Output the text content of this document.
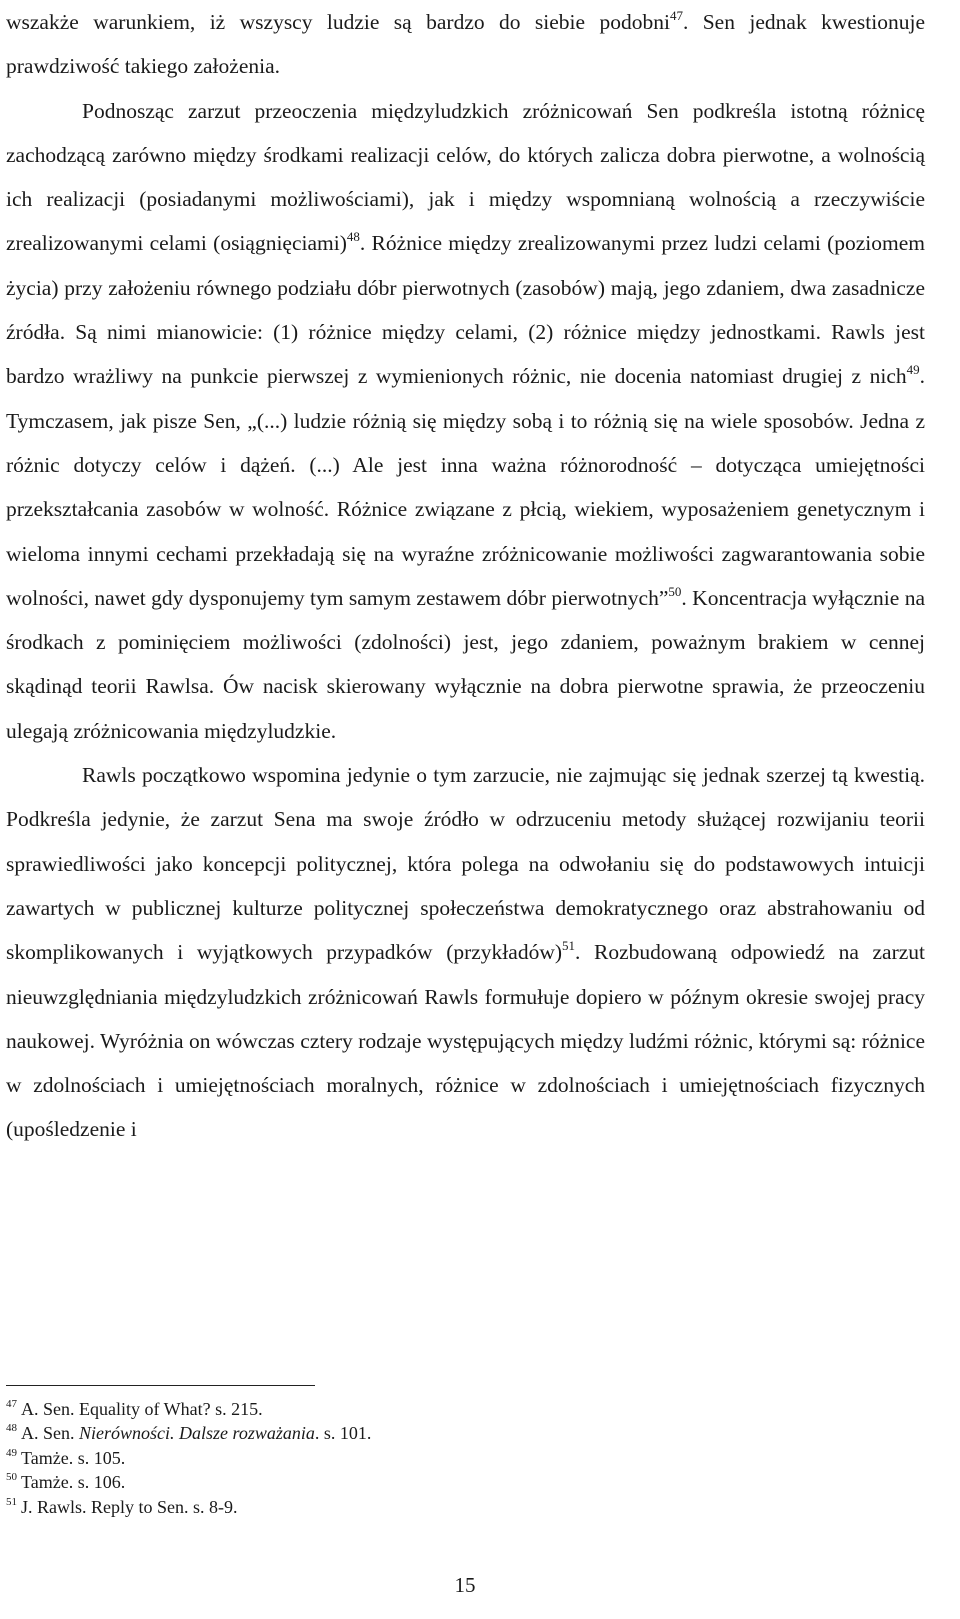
wszakże warunkiem, iż wszyscy ludzie są bardzo do siebie podobni$^{47}$. Sen jednak kwestionuje prawdziwość takiego założenia.

Podnosząc zarzut przeoczenia międzyludzkich zróżnicowań Sen podkreśla istotną różnicę zachodzącą zarówno między środkami realizacji celów, do których zalicza dobra pierwotne, a wolnością ich realizacji (posiadanymi możliwościami), jak i między wspomnianą wolnością a rzeczywiście zrealizowanymi celami (osiągnięciami)$^{48}$. Różnice między zrealizowanymi przez ludzi celami (poziomem życia) przy założeniu równego podziału dóbr pierwotnych (zasobów) mają, jego zdaniem, dwa zasadnicze źródła. Są nimi mianowicie: (1) różnice między celami, (2) różnice między jednostkami. Rawls jest bardzo wrażliwy na punkcie pierwszej z wymienionych różnic, nie docenia natomiast drugiej z nich$^{49}$. Tymczasem, jak pisze Sen, „(...) ludzie różnią się między sobą i to różnią się na wiele sposobów. Jedna z różnic dotyczy celów i dążeń. (...) Ale jest inna ważna różnorodność – dotycząca umiejętności przekształcania zasobów w wolność. Różnice związane z płcią, wiekiem, wyposażeniem genetycznym i wieloma innymi cechami przekładają się na wyraźne zróżnicowanie możliwości zagwarantowania sobie wolności, nawet gdy dysponujemy tym samym zestawem dóbr pierwotnych”$^{50}$. Koncentracja wyłącznie na środkach z pominięciem możliwości (zdolności) jest, jego zdaniem, poważnym brakiem w cennej skądinąd teorii Rawlsa. Ów nacisk skierowany wyłącznie na dobra pierwotne sprawia, że przeoczeniu ulegają zróżnicowania międzyludzkie.

Rawls początkowo wspomina jedynie o tym zarzucie, nie zajmując się jednak szerzej tą kwestią. Podkreśla jedynie, że zarzut Sena ma swoje źródło w odrzuceniu metody służącej rozwijaniu teorii sprawiedliwości jako koncepcji politycznej, która polega na odwołaniu się do podstawowych intuicji zawartych w publicznej kulturze politycznej społeczeństwa demokratycznego oraz abstrahowaniu od skomplikowanych i wyjątkowych przypadków (przykładów)$^{51}$. Rozbudowaną odpowiedź na zarzut nieuwzględniania międzyludzkich zróżnicowań Rawls formułuje dopiero w późnym okresie swojej pracy naukowej. Wyróżnia on wówczas cztery rodzaje występujących między ludźmi różnic, którymi są: różnice w zdolnościach i umiejętnościach moralnych, różnice w zdolnościach i umiejętnościach fizycznych (upośledzenie i

$^{47}$ A. Sen. Equality of What? s. 215.

$^{48}$ A. Sen. Nierówności. Dalsze rozważania. s. 101.

$^{49}$ Tamże. s. 105.

$^{50}$ Tamże. s. 106.

$^{51}$ J. Rawls. Reply to Sen. s. 8-9.

15
